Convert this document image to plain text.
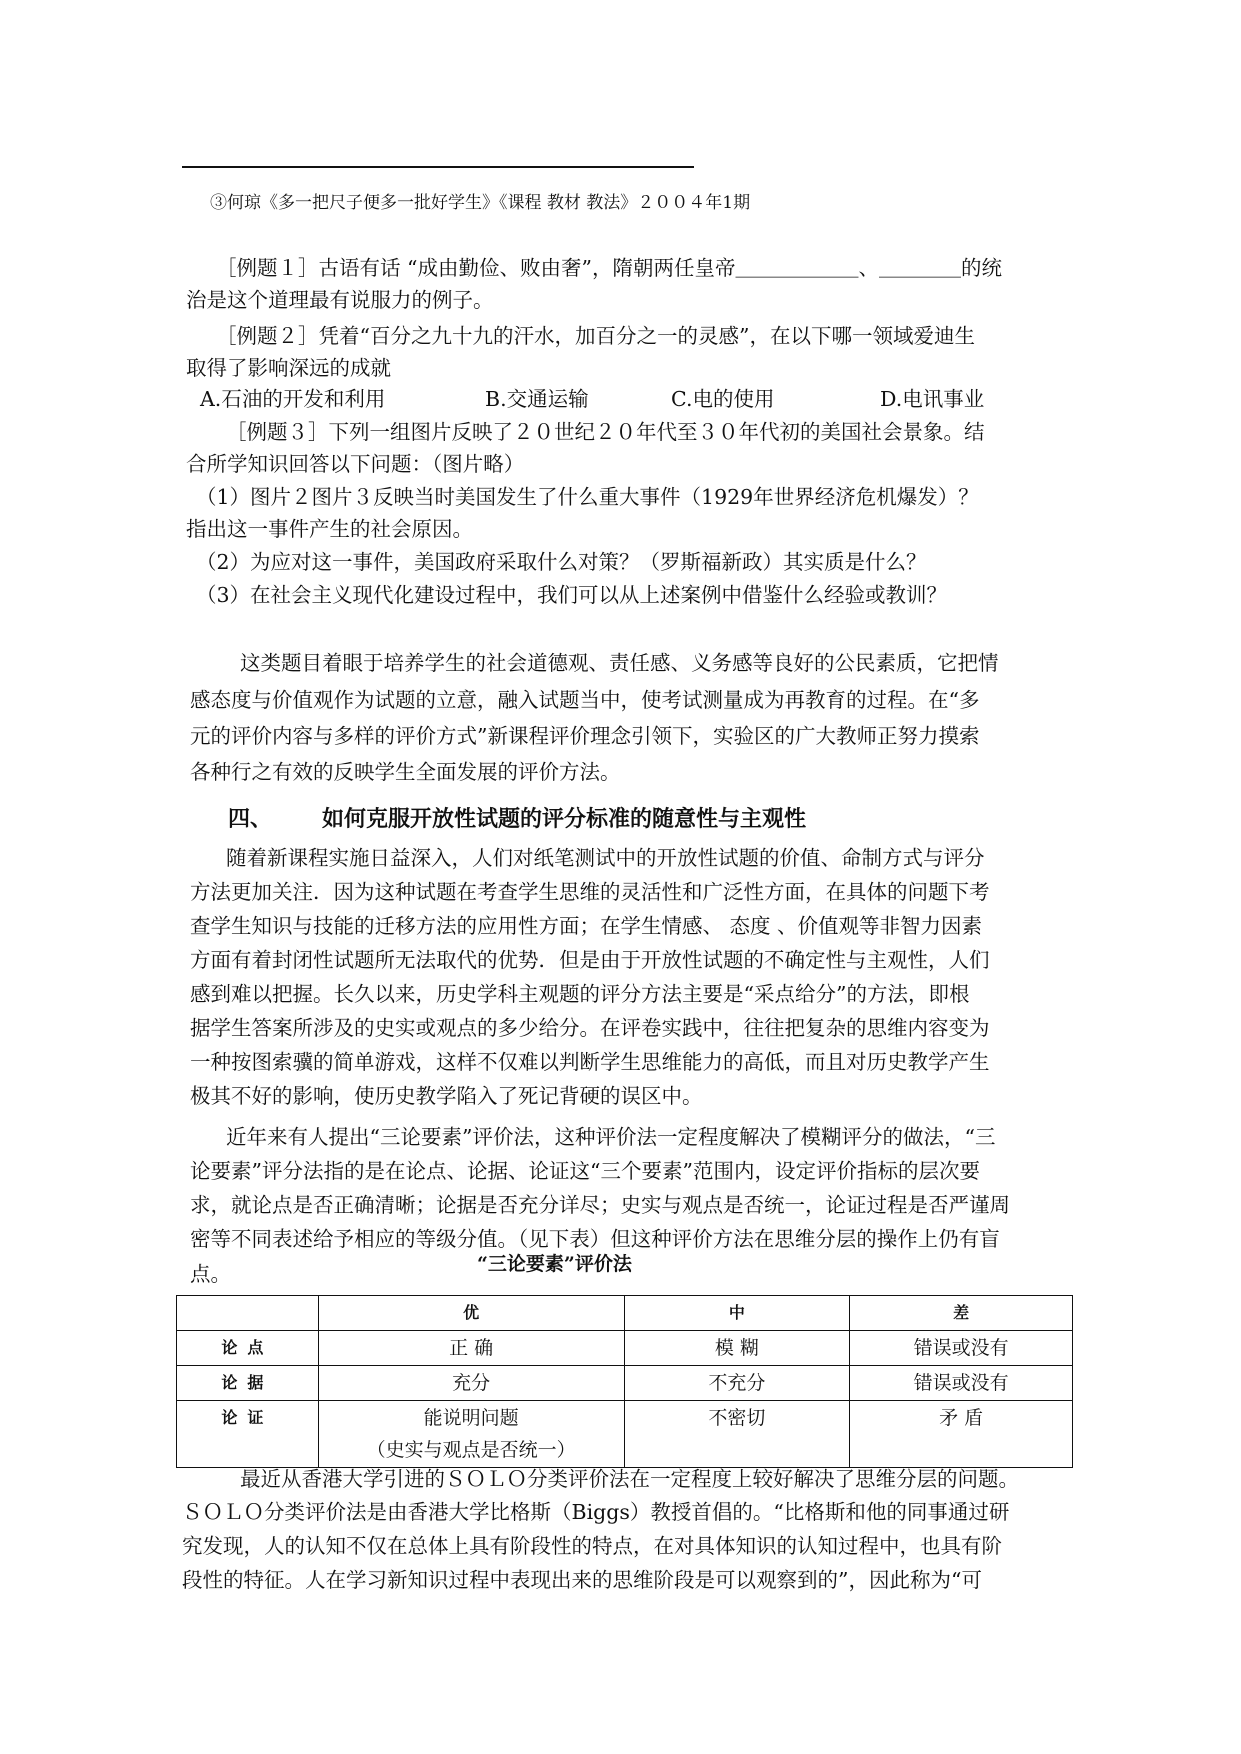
③何琼《多一把尺子便多一批好学生》《课程 教材 教法》２００４年1期
［例题１］古语有话 “成由勤俭、败由奢”，隋朝两任皇帝＿＿＿＿＿＿、＿＿＿＿的统
治是这个道理最有说服力的例子。
［例题２］凭着“百分之九十九的汗水，加百分之一的灵感”，在以下哪一领域爱迪生
取得了影响深远的成就
A.石油的开发和利用	B.交通运输	C.电的使用	D.电讯事业
［例题３］下列一组图片反映了２０世纪２０年代至３０年代初的美国社会景象。结
合所学知识回答以下问题：（图片略）
（1）图片２图片３反映当时美国发生了什么重大事件（1929年世界经济危机爆发）？
指出这一事件产生的社会原因。
（2）为应对这一事件，美国政府采取什么对策？（罗斯福新政）其实质是什么？
（3）在社会主义现代化建设过程中，我们可以从上述案例中借鉴什么经验或教训？
这类题目着眼于培养学生的社会道德观、责任感、义务感等良好的公民素质，它把情
感态度与价值观作为试题的立意，融入试题当中，使考试测量成为再教育的过程。在“多
元的评价内容与多样的评价方式”新课程评价理念引领下，实验区的广大教师正努力摸索
各种行之有效的反映学生全面发展的评价方法。
四、 如何克服开放性试题的评分标准的随意性与主观性
随着新课程实施日益深入，人们对纸笔测试中的开放性试题的价值、命制方式与评分
方法更加关注．因为这种试题在考查学生思维的灵活性和广泛性方面，在具体的问题下考
查学生知识与技能的迁移方法的应用性方面；在学生情感、 态度 、价值观等非智力因素
方面有着封闭性试题所无法取代的优势．但是由于开放性试题的不确定性与主观性，人们
感到难以把握。长久以来，历史学科主观题的评分方法主要是“采点给分”的方法，即根
据学生答案所涉及的史实或观点的多少给分。在评卷实践中，往往把复杂的思维内容变为
一种按图索骥的简单游戏，这样不仅难以判断学生思维能力的高低，而且对历史教学产生
极其不好的影响，使历史教学陷入了死记背硬的误区中。
近年来有人提出“三论要素”评价法，这种评价法一定程度解决了模糊评分的做法，“三
论要素”评分法指的是在论点、论据、论证这“三个要素”范围内，设定评价指标的层次要
求，就论点是否正确清晰；论据是否充分详尽；史实与观点是否统一，论证过程是否严谨周
密等不同表述给予相应的等级分值。（见下表）但这种评价方法在思维分层的操作上仍有盲
点。	“三论要素”评价法
	优	中	差
论点	正 确	模 糊	错误或没有
论据	充分	不充分	错误或没有
论证	能说明问题
（史实与观点是否统一）	不密切	矛 盾
最近从香港大学引进的ＳＯＬＯ分类评价法在一定程度上较好解决了思维分层的问题。
ＳＯＬＯ分类评价法是由香港大学比格斯（Biggs）教授首倡的。“比格斯和他的同事通过研
究发现，人的认知不仅在总体上具有阶段性的特点，在对具体知识的认知过程中，也具有阶
段性的特征。人在学习新知识过程中表现出来的思维阶段是可以观察到的”，因此称为“可
